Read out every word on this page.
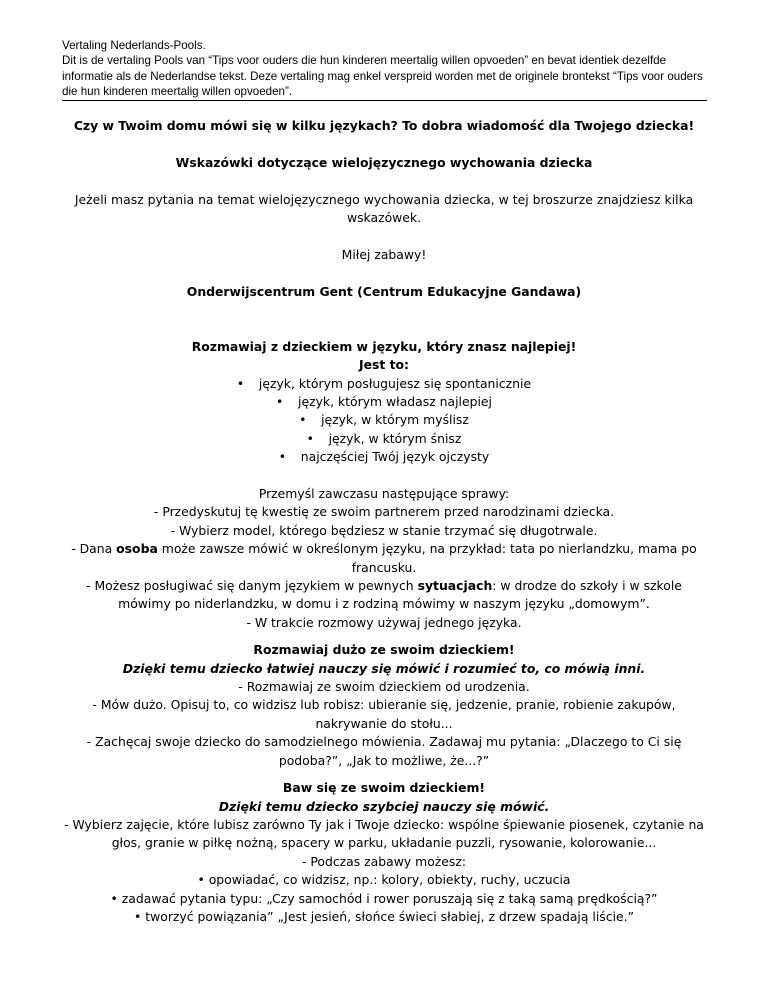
Vertaling Nederlands-Pools.
Dit is de vertaling Pools van “Tips voor ouders die hun kinderen meertalig willen opvoeden” en bevat identiek dezelfde informatie als de Nederlandse tekst. Deze vertaling mag enkel verspreid worden met de originele brontekst “Tips voor ouders die hun kinderen meertalig willen opvoeden”.

Czy w Twoim domu mówi się w kilku językach? To dobra wiadomość dla Twojego dziecka!

Wskazówki dotyczące wielojęzycznego wychowania dziecka

Jeżeli masz pytania na temat wielojęzycznego wychowania dziecka, w tej broszurze znajdziesz kilka wskazówek.

Miłej zabawy!

Onderwijscentrum Gent (Centrum Edukacyjne Gandawa)

Rozmawiaj z dzieckiem w języku, który znasz najlepiej!

Jest to:

• język, którym posługujesz się spontanicznie
• język, którym władasz najlepiej
• język, w którym myślisz
• język, w którym śnisz
• najczęściej Twój język ojczysty

Przemyśl zawczasu następujące sprawy:

- Przedyskutuj tę kwestię ze swoim partnerem przed narodzinami dziecka.

- Wybierz model, którego będziesz w stanie trzymać się długotrwale.

- Dana osoba może zawsze mówić w określonym języku, na przykład: tata po nierlandzku, mama po francusku.

- Możesz posługiwać się danym językiem w pewnych sytuacjach: w drodze do szkoły i w szkole mówimy po niderlandzku, w domu i z rodziną mówimy w naszym języku „domowym”.

- W trakcie rozmowy używaj jednego języka.

Rozmawiaj dużo ze swoim dzieckiem!

Dzięki temu dziecko łatwiej nauczy się mówić i rozumieć to, co mówią inni.

- Rozmawiaj ze swoim dzieckiem od urodzenia.

- Mów dużo. Opisuj to, co widzisz lub robisz: ubieranie się, jedzenie, pranie, robienie zakupów, nakrywanie do stołu...

- Zachęcaj swoje dziecko do samodzielnego mówienia. Zadawaj mu pytania: „Dlaczego to Ci się podoba?”, „Jak to możliwe, że...?”

Baw się ze swoim dzieckiem!

Dzięki temu dziecko szybciej nauczy się mówić.

- Wybierz zajęcie, które lubisz zarówno Ty jak i Twoje dziecko: wspólne śpiewanie piosenek, czytanie na głos, granie w piłkę nożną, spacery w parku, układanie puzzli, rysowanie, kolorowanie...

- Podczas zabawy możesz:

• opowiadać, co widzisz, np.: kolory, obiekty, ruchy, uczucia

• zadawać pytania typu: „Czy samochód i rower poruszają się z taką samą prędkością?”

• tworzyć powiązania” „Jest jesień, słońce świeci słabiej, z drzew spadają liście.”
